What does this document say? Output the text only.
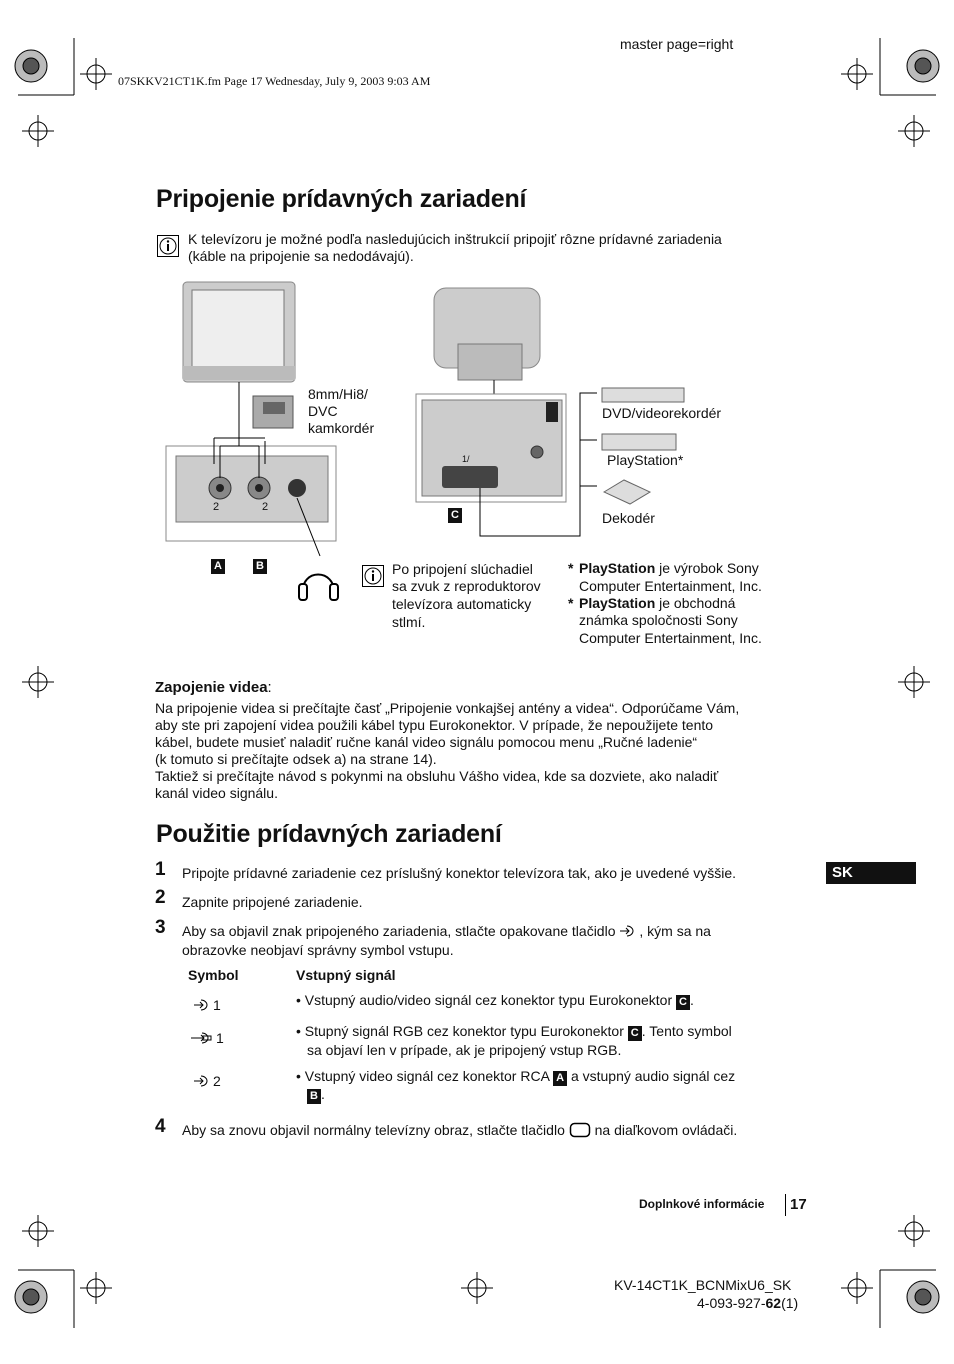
master page=right
07SKKV21CT1K.fm Page 17 Wednesday, July 9, 2003 9:03 AM
Pripojenie prídavných zariadení
K televízoru je možné podľa nasledujúcich inštrukcií pripojiť rôzne prídavné zariadenia
(káble na pripojenie sa nedodávajú).
8mm/Hi8/
DVC
kamkordér
2	2
1/
A	B
C
DVD/videorekordér
PlayStation*
Dekodér
Po pripojení slúchadiel
sa zvuk z reproduktorov
televízora automaticky
stlmí.
* PlayStation je výrobok Sony
Computer Entertainment, Inc.
* PlayStation je obchodná
známka spoločnosti Sony
Computer Entertainment, Inc.
Zapojenie videa:
Na pripojenie videa si prečítajte časť „Pripojenie vonkajšej antény a videa“. Odporúčame Vám,
aby ste pri zapojení videa použili kábel typu Eurokonektor. V prípade, že nepoužijete tento
kábel, budete musieť naladiť ručne kanál video signálu pomocou menu „Ručné ladenie“
(k tomuto si prečítajte odsek a) na strane 14).
Taktiež si prečítajte návod s pokynmi na obsluhu Vášho videa, kde sa dozviete, ako naladiť
kanál video signálu.
Použitie prídavných zariadení
SK
1 Pripojte prídavné zariadenie cez príslušný konektor televízora tak, ako je uvedené vyššie.
2 Zapnite pripojené zariadenie.
3 Aby sa objavil znak pripojeného zariadenia, stlačte opakovane tlačidlo , kým sa na
obrazovke neobjaví správny symbol vstupu.
Symbol	Vstupný signál
1	• Vstupný audio/video signál cez konektor typu Eurokonektor C .
1	• Stupný signál RGB cez konektor typu Eurokonektor C . Tento symbol
sa objaví len v prípade, ak je pripojený vstup RGB.
2	• Vstupný video signál cez konektor RCA A a vstupný audio signál cez
B .
4 Aby sa znovu objavil normálny televízny obraz, stlačte tlačidlo na diaľkovom ovládači.
Doplnkové informácie 17
KV-14CT1K_BCNMixU6_SK
4-093-927-62(1)
